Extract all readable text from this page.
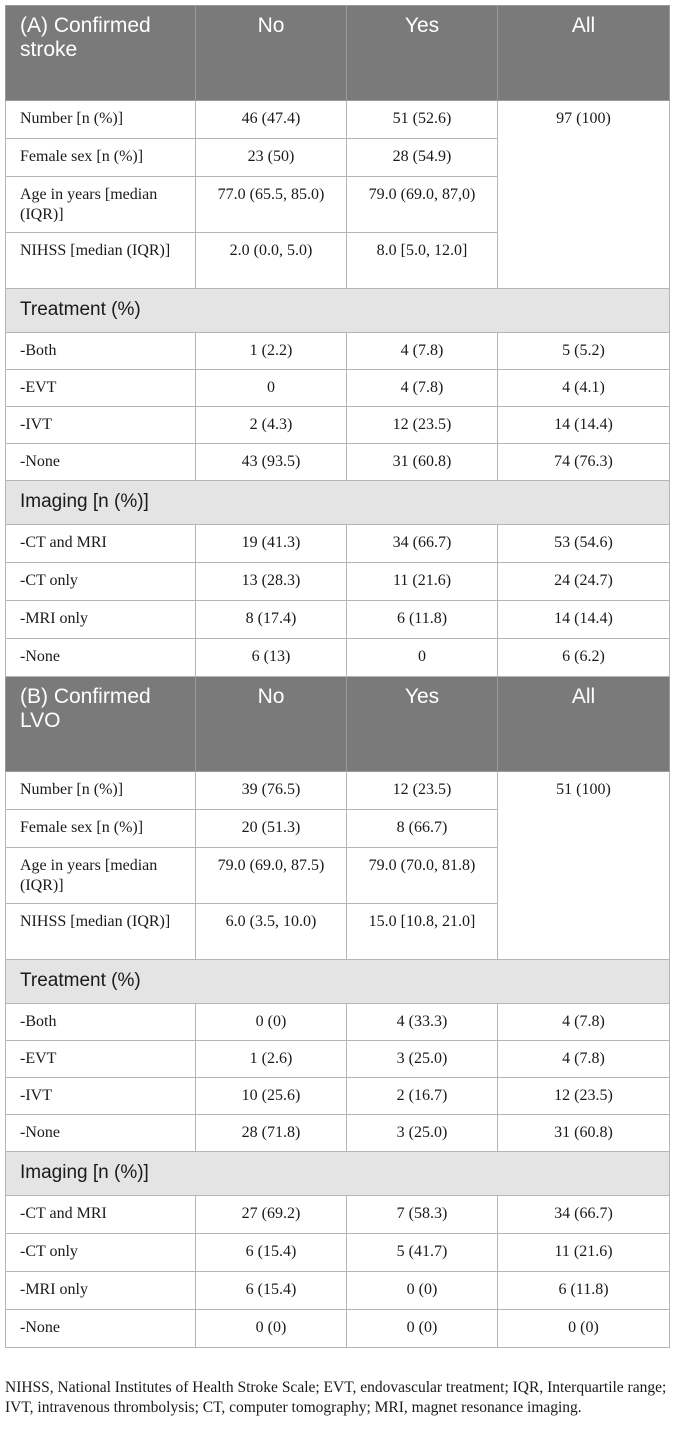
(A) Confirmed stroke	No	Yes	All
Number [n (%)]	46 (47.4)	51 (52.6)	97 (100)
Female sex [n (%)]	23 (50)	28 (54.9)	
Age in years [median (IQR)]	77.0 (65.5, 85.0)	79.0 (69.0, 87,0)	
NIHSS [median (IQR)]	2.0 (0.0, 5.0)	8.0 [5.0, 12.0]	
Treatment (%)			
-Both	1 (2.2)	4 (7.8)	5 (5.2)
-EVT	0	4 (7.8)	4 (4.1)
-IVT	2 (4.3)	12 (23.5)	14 (14.4)
-None	43 (93.5)	31 (60.8)	74 (76.3)
Imaging [n (%)]			
-CT and MRI	19 (41.3)	34 (66.7)	53 (54.6)
-CT only	13 (28.3)	11 (21.6)	24 (24.7)
-MRI only	8 (17.4)	6 (11.8)	14 (14.4)
-None	6 (13)	0	6 (6.2)
(B) Confirmed LVO	No	Yes	All
Number [n (%)]	39 (76.5)	12 (23.5)	51 (100)
Female sex [n (%)]	20 (51.3)	8 (66.7)	
Age in years [median (IQR)]	79.0 (69.0, 87.5)	79.0 (70.0, 81.8)	
NIHSS [median (IQR)]	6.0 (3.5, 10.0)	15.0 [10.8, 21.0]	
Treatment (%)			
-Both	0 (0)	4 (33.3)	4 (7.8)
-EVT	1 (2.6)	3 (25.0)	4 (7.8)
-IVT	10 (25.6)	2 (16.7)	12 (23.5)
-None	28 (71.8)	3 (25.0)	31 (60.8)
Imaging [n (%)]			
-CT and MRI	27 (69.2)	7 (58.3)	34 (66.7)
-CT only	6 (15.4)	5 (41.7)	11 (21.6)
-MRI only	6 (15.4)	0 (0)	6 (11.8)
-None	0 (0)	0 (0)	0 (0)
NIHSS, National Institutes of Health Stroke Scale; EVT, endovascular treatment; IQR, Interquartile range; IVT, intravenous thrombolysis; CT, computer tomography; MRI, magnet resonance imaging.
